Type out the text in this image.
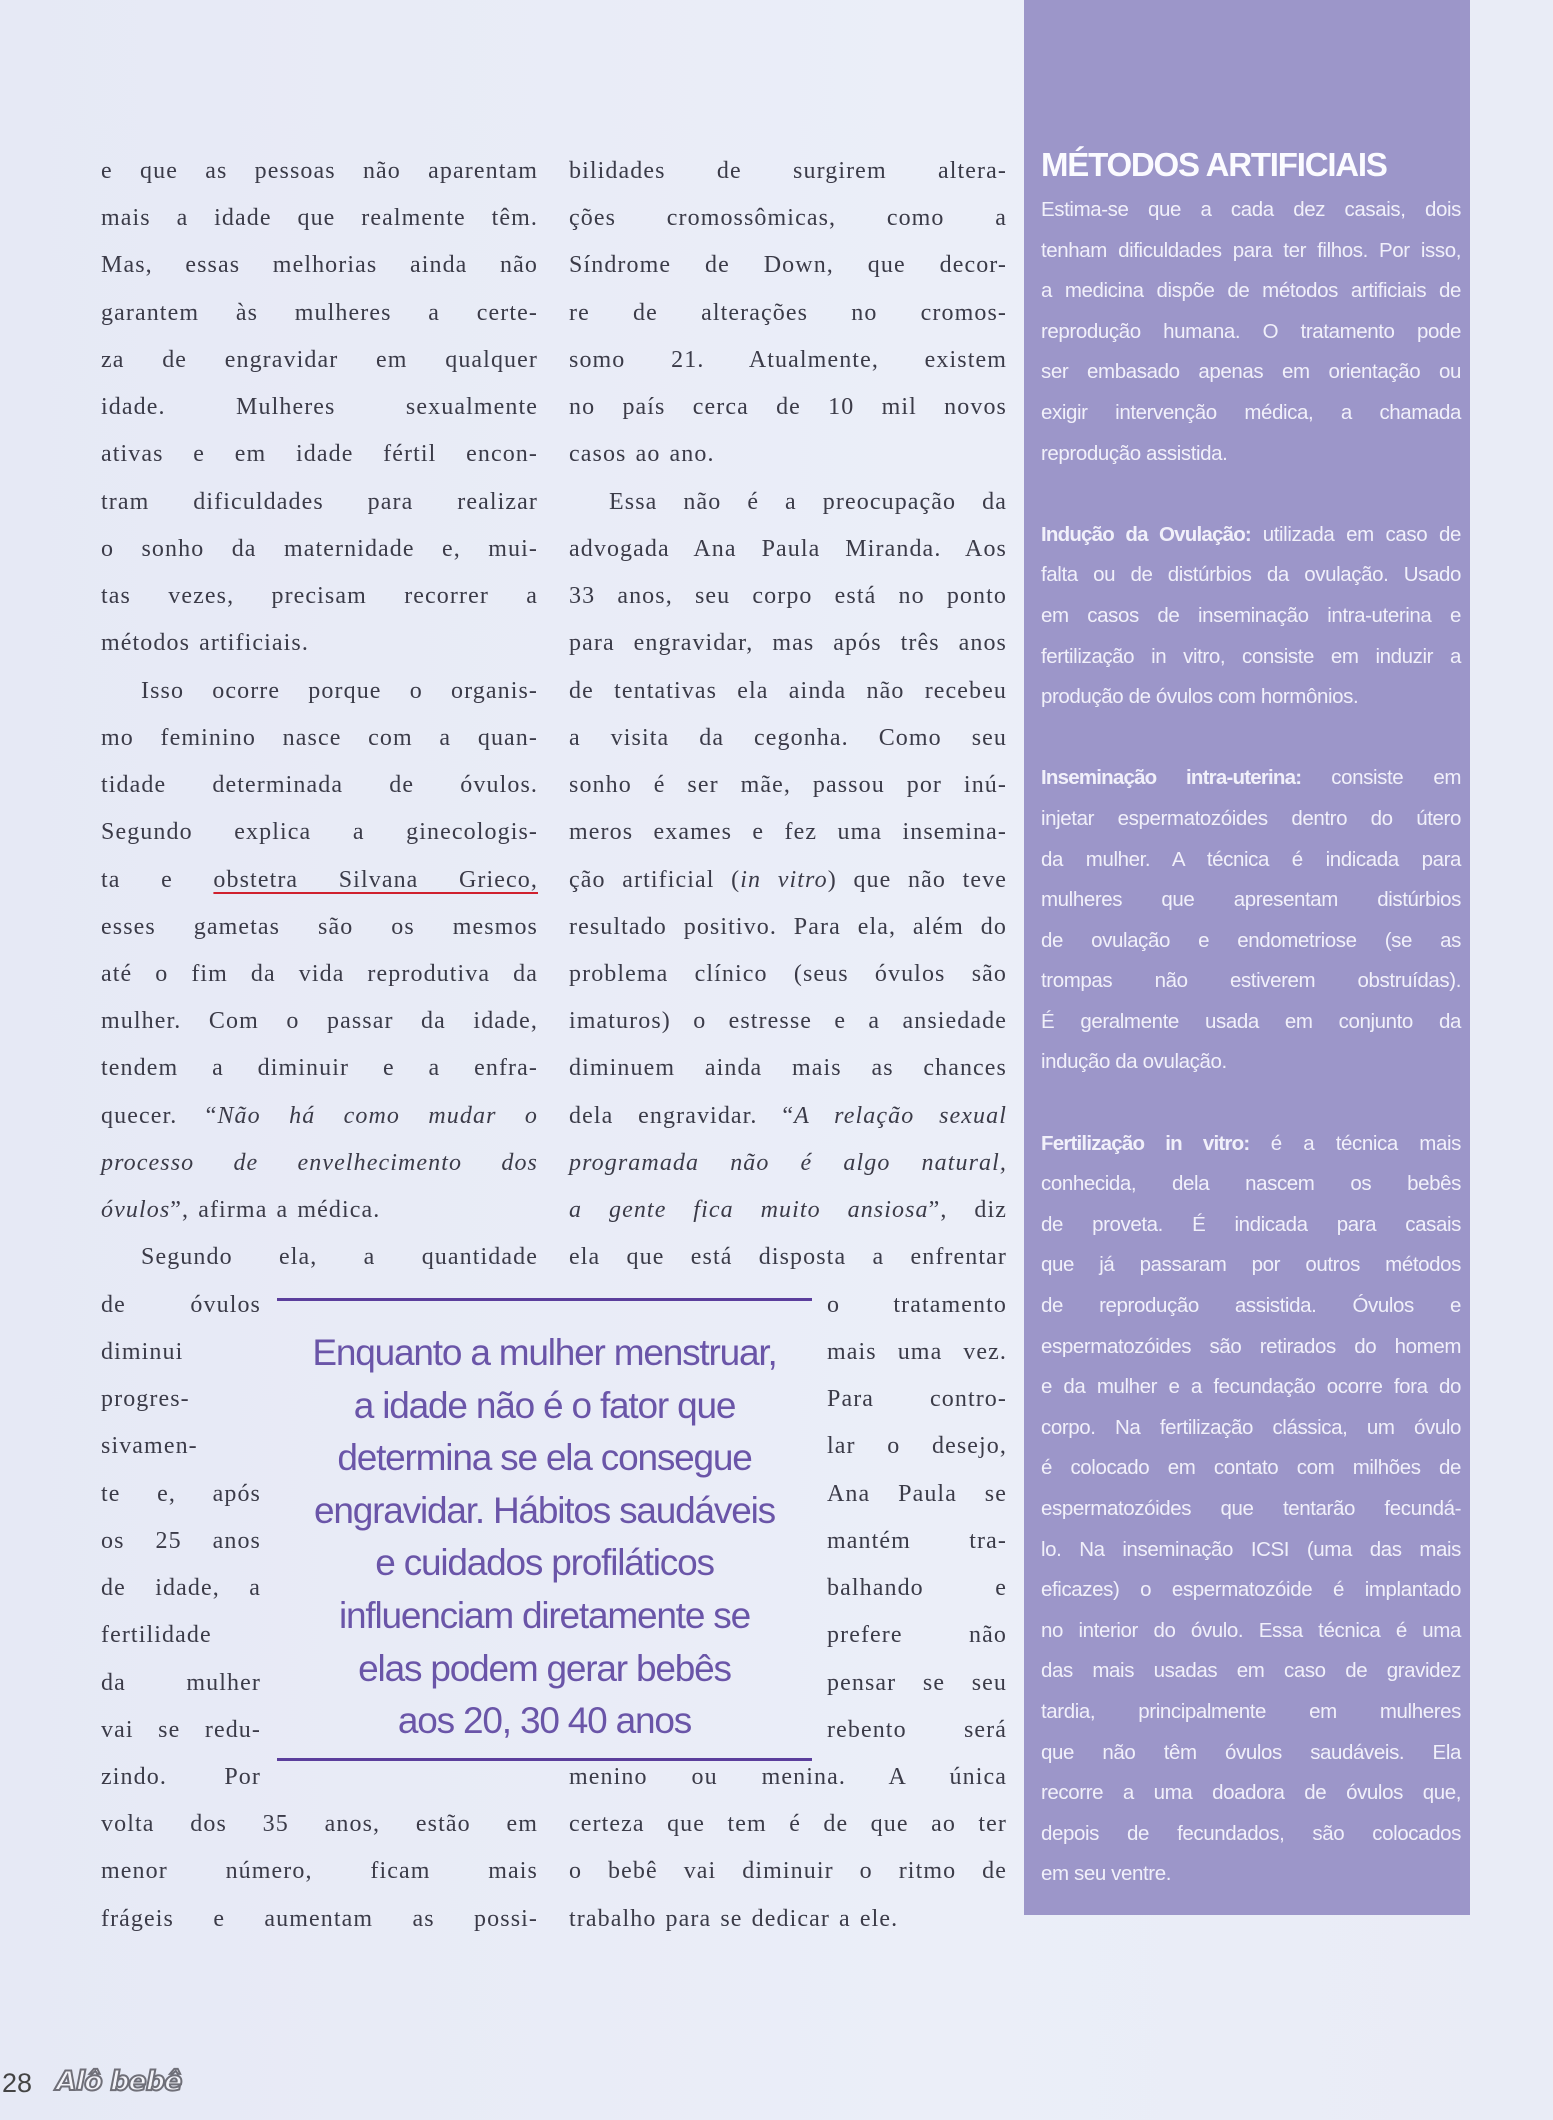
e que as pessoas não aparentam
mais a idade que realmente têm.
Mas, essas melhorias ainda não
garantem às mulheres a certe-
za de engravidar em qualquer
idade. Mulheres sexualmente
ativas e em idade fértil encon-
tram dificuldades para realizar
o sonho da maternidade e, mui-
tas vezes, precisam recorrer a
métodos artificiais.
Isso ocorre porque o organis-
mo feminino nasce com a quan-
tidade determinada de óvulos.
Segundo explica a ginecologis-
ta e obstetra Silvana Grieco,
esses gametas são os mesmos
até o fim da vida reprodutiva da
mulher. Com o passar da idade,
tendem a diminuir e a enfra-
quecer. “Não há como mudar o
processo de envelhecimento dos
óvulos”, afirma a médica.
Segundo ela, a quantidade
de óvulos
diminui
progres-
sivamen-
te e, após
os 25 anos
de idade, a
fertilidade
da mulher
vai se redu-
zindo. Por
volta dos 35 anos, estão em
menor número, ficam mais
frágeis e aumentam as possi-
bilidades de surgirem altera-
ções cromossômicas, como a
Síndrome de Down, que decor-
re de alterações no cromos-
somo 21. Atualmente, existem
no país cerca de 10 mil novos
casos ao ano.
Essa não é a preocupação da
advogada Ana Paula Miranda. Aos
33 anos, seu corpo está no ponto
para engravidar, mas após três anos
de tentativas ela ainda não recebeu
a visita da cegonha. Como seu
sonho é ser mãe, passou por inú-
meros exames e fez uma insemina-
ção artificial (in vitro) que não teve
resultado positivo. Para ela, além do
problema clínico (seus óvulos são
imaturos) o estresse e a ansiedade
diminuem ainda mais as chances
dela engravidar. “A relação sexual
programada não é algo natural,
a gente fica muito ansiosa”, diz
ela que está disposta a enfrentar
o tratamento
mais uma vez.
Para contro-
lar o desejo,
Ana Paula se
mantém tra-
balhando e
prefere não
pensar se seu
rebento será
menino ou menina. A única
certeza que tem é de que ao ter
o bebê vai diminuir o ritmo de
trabalho para se dedicar a ele.
Enquanto a mulher menstruar,
a idade não é o fator que
determina se ela consegue
engravidar. Hábitos saudáveis
e cuidados profiláticos
influenciam diretamente se
elas podem gerar bebês
aos 20, 30 40 anos
MÉTODOS ARTIFICIAIS
Estima-se que a cada dez casais, dois
tenham dificuldades para ter filhos. Por isso,
a medicina dispõe de métodos artificiais de
reprodução humana. O tratamento pode
ser embasado apenas em orientação ou
exigir intervenção médica, a chamada
reprodução assistida.
Indução da Ovulação: utilizada em caso de
falta ou de distúrbios da ovulação. Usado
em casos de inseminação intra-uterina e
fertilização in vitro, consiste em induzir a
produção de óvulos com hormônios.
Inseminação intra-uterina: consiste em
injetar espermatozóides dentro do útero
da mulher. A técnica é indicada para
mulheres que apresentam distúrbios
de ovulação e endometriose (se as
trompas não estiverem obstruídas).
É geralmente usada em conjunto da
indução da ovulação.
Fertilização in vitro: é a técnica mais
conhecida, dela nascem os bebês
de proveta. É indicada para casais
que já passaram por outros métodos
de reprodução assistida. Óvulos e
espermatozóides são retirados do homem
e da mulher e a fecundação ocorre fora do
corpo. Na fertilização clássica, um óvulo
é colocado em contato com milhões de
espermatozóides que tentarão fecundá-
lo. Na inseminação ICSI (uma das mais
eficazes) o espermatozóide é implantado
no interior do óvulo. Essa técnica é uma
das mais usadas em caso de gravidez
tardia, principalmente em mulheres
que não têm óvulos saudáveis. Ela
recorre a uma doadora de óvulos que,
depois de fecundados, são colocados
em seu ventre.
28 Alô bebê
